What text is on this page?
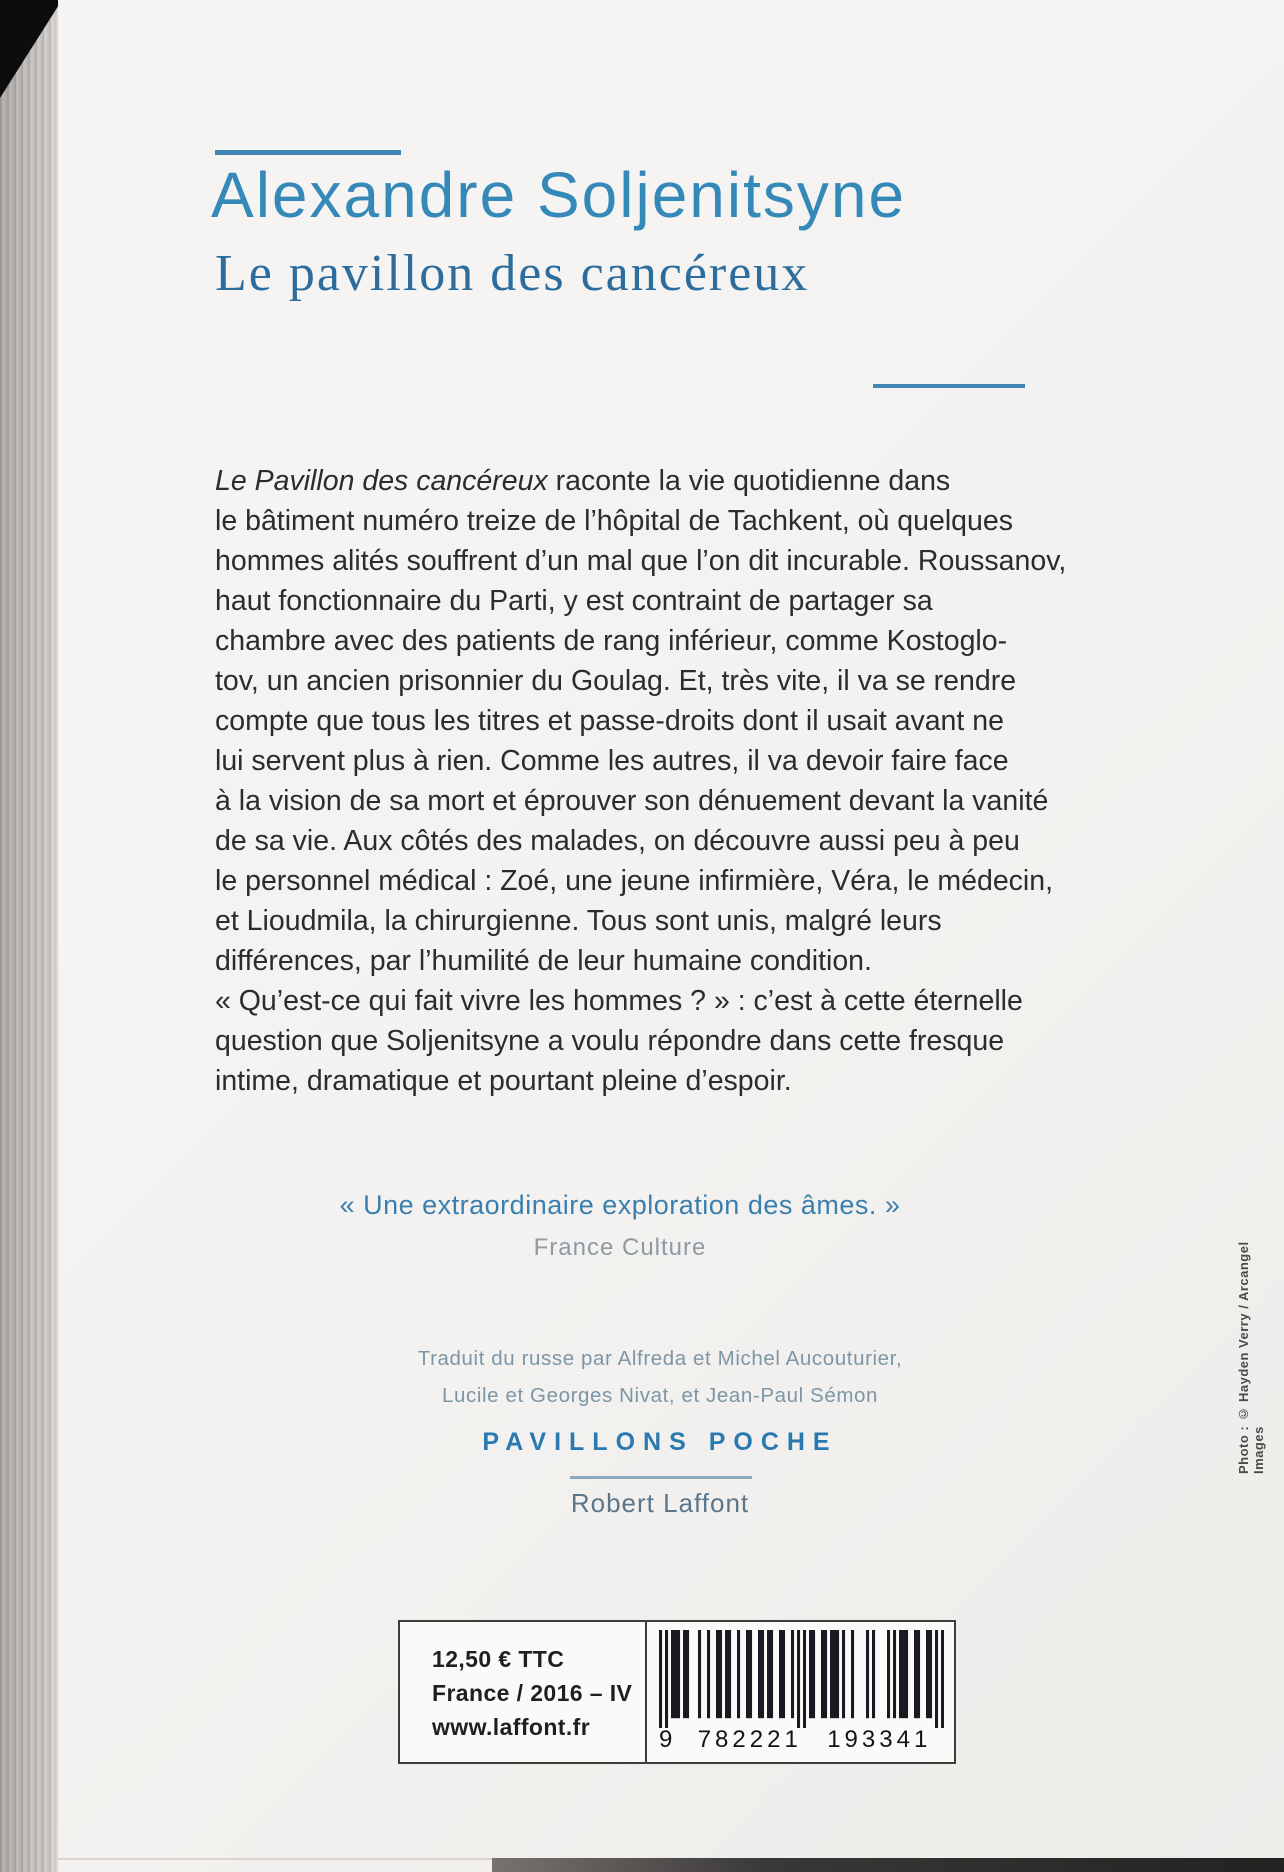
Alexandre Soljenitsyne
Le pavillon des cancéreux
Le Pavillon des cancéreux raconte la vie quotidienne dans
le bâtiment numéro treize de l’hôpital de Tachkent, où quelques
hommes alités souffrent d’un mal que l’on dit incurable. Roussanov,
haut fonctionnaire du Parti, y est contraint de partager sa
chambre avec des patients de rang inférieur, comme Kostoglo-
tov, un ancien prisonnier du Goulag. Et, très vite, il va se rendre
compte que tous les titres et passe-droits dont il usait avant ne
lui servent plus à rien. Comme les autres, il va devoir faire face
à la vision de sa mort et éprouver son dénuement devant la vanité
de sa vie. Aux côtés des malades, on découvre aussi peu à peu
le personnel médical : Zoé, une jeune infirmière, Véra, le médecin,
et Lioudmila, la chirurgienne. Tous sont unis, malgré leurs
différences, par l’humilité de leur humaine condition.
« Qu’est-ce qui fait vivre les hommes ? » : c’est à cette éternelle
question que Soljenitsyne a voulu répondre dans cette fresque
intime, dramatique et pourtant pleine d’espoir.
« Une extraordinaire exploration des âmes. »
France Culture
Traduit du russe par Alfreda et Michel Aucouturier,
Lucile et Georges Nivat, et Jean-Paul Sémon
PAVILLONS POCHE
Robert Laffont
12,50 € TTC
France / 2016 – IV
www.laffont.fr	9	782221	193341
Photo : © Hayden Verry / Arcangel Images
